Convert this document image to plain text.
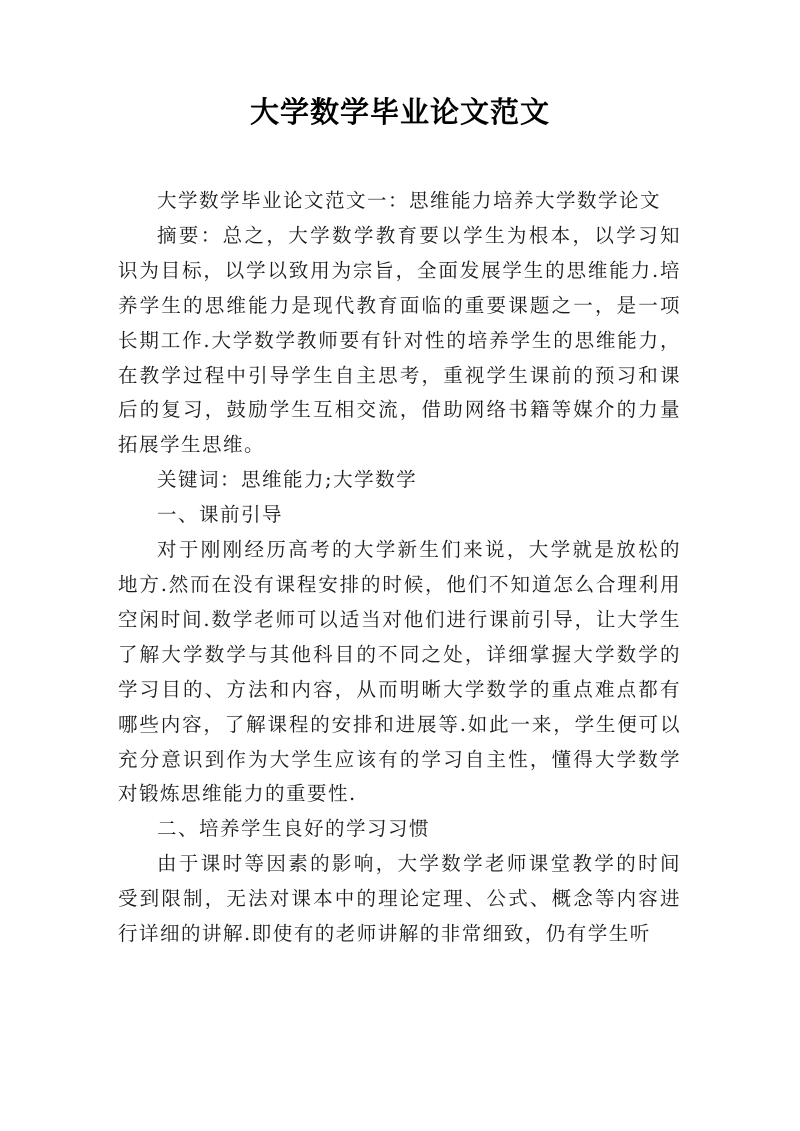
大学数学毕业论文范文

大学数学毕业论文范文一：思维能力培养大学数学论文

摘要：总之，大学数学教育要以学生为根本，以学习知识为目标，以学以致用为宗旨，全面发展学生的思维能力.培养学生的思维能力是现代教育面临的重要课题之一，是一项长期工作.大学数学教师要有针对性的培养学生的思维能力，在教学过程中引导学生自主思考，重视学生课前的预习和课后的复习，鼓励学生互相交流，借助网络书籍等媒介的力量拓展学生思维。

关键词：思维能力;大学数学

一、课前引导

对于刚刚经历高考的大学新生们来说，大学就是放松的地方.然而在没有课程安排的时候，他们不知道怎么合理利用空闲时间.数学老师可以适当对他们进行课前引导，让大学生了解大学数学与其他科目的不同之处，详细掌握大学数学的学习目的、方法和内容，从而明晰大学数学的重点难点都有哪些内容，了解课程的安排和进展等.如此一来，学生便可以充分意识到作为大学生应该有的学习自主性，懂得大学数学对锻炼思维能力的重要性.

二、培养学生良好的学习习惯

由于课时等因素的影响，大学数学老师课堂教学的时间受到限制，无法对课本中的理论定理、公式、概念等内容进行详细的讲解.即使有的老师讲解的非常细致，仍有学生听
